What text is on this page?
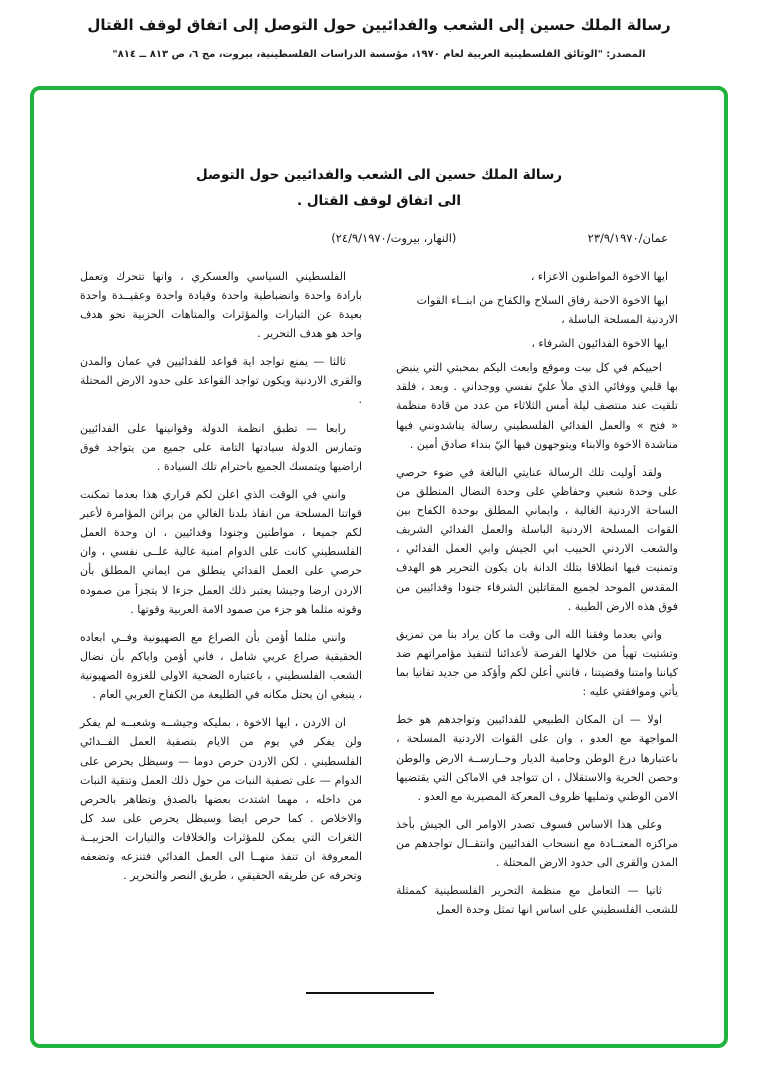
رسالة الملك حسين إلى الشعب والفدائيين حول التوصل إلى اتفاق لوقف القتال
المصدر: "الوثائق الفلسطينية العربية لعام ١٩٧٠، مؤسسة الدراسات الفلسطينية، بيروت، مج ٦، ص ٨١٣ ــ ٨١٤"
رسالة الملك حسين الى الشعب والفدائيين حول التوصل
الى اتفاق لوقف القتال .
عمان/٢٣/٩/١٩٧٠
(النهار، بيروت/٢٤/٩/١٩٧٠)

ايها الاخوة المواطنون الاعزاء ،

ايها الاخوة الاحبة رفاق السلاح والكفاح من ابنــاء القوات الاردنية المسلحة الباسلة ،

ايها الاخوة الفدائيون الشرفاء ،

احييكم في كل بيت وموقع وابعث اليكم بمحبتي التي ينبض بها قلبي ووفائي الذي ملأ عليّ نفسي ووجداني . وبعد ، فلقد تلقيت عند منتصف ليلة أمس الثلاثاء من عدد من قادة منظمة « فتح » والعمل الفدائي الفلسطيني رسالة يناشدونني فيها مناشدة الاخوة والابناء ويتوجهون فيها اليّ بنداء صادق أمين .

ولقد أوليت تلك الرسالة عنايتي البالغة في ضوء حرصي على وحدة شعبي وحفاظي على وحدة النضال المنطلق من الساحة الاردنية الغالية ، وايماني المطلق بوحدة الكفاح بين القوات المسلحة الاردنية الباسلة والعمل الفدائي الشريف والشعب الاردني الحبيب ابي الجيش وابي العمل الفدائي ، وتمنيت فيها انطلاقا بتلك الدانة بان يكون التحرير هو الهدف المقدس الموحد لجميع المقاتلين الشرفاء جنودا وفدائيين من فوق هذه الارض الطيبة .

واني بعدما وفقنا الله الى وقت ما كان يراد بنا من تمزيق وتشتيت تهيأ من خلالها الفرصة لأعدائنا لتنفيذ مؤامراتهم ضد كياننا وامتنا وقضيتنا ، فانني أعلن لكم وأؤكد من جديد تفانيا بما يأتي وموافقتي عليه :

اولا — ان المكان الطبيعي للفدائيين وتواجدهم هو خط المواجهة مع العدو ، وان على القوات الاردنية المسلحة ، باعتبارها درع الوطن وحامية الديار وحــارســة الارض والوطن وحصن الحرية والاستقلال ، ان تتواجد في الاماكن التي يقتضيها الامن الوطني وتمليها ظروف المعركة المصيرية مع العدو .

وعلى هذا الاساس فسوف تصدر الاوامر الى الجيش بأخذ مراكزه المعتــادة مع انسحاب الفدائيين وانتقــال تواجدهم من المدن والقرى الى حدود الارض المحتلة .

ثانيا — التعامل مع منظمة التحرير الفلسطينية كممثلة للشعب الفلسطيني على اساس انها تمثل وحدة العمل

الفلسطيني السياسي والعسكري ، وانها تتحرك وتعمل بارادة واحدة وانضباطية واحدة وقيادة واحدة وعقيــدة واحدة بعيدة عن التيارات والمؤثرات والمتاهات الحزبية نحو هدف واحد هو هدف التحرير .

ثالثا — يمنع تواجد اية قواعد للفدائيين في عمان والمدن والقرى الاردنية ويكون تواجد القواعد على حدود الارض المحتلة .

رابعا — تطبق انظمة الدولة وقوانينها على الفدائيين وتمارس الدولة سيادتها التامة على جميع من يتواجد فوق اراضيها ويتمسك الجميع باحترام تلك السيادة .

وانني في الوقت الذي اعلن لكم قراري هذا بعدما تمكنت قواتنا المسلحة من انقاذ بلدنا الغالي من براثن المؤامرة لأعبر لكم جميعا ، مواطنين وجنودا وفدائيين ، ان وحدة العمل الفلسطيني كانت على الدوام امنية غالية علــى نفسي ، وان حرصي على العمل الفدائي ينطلق من ايماني المطلق بأن الاردن ارضا وجيشا يعتبر ذلك العمل جزءا لا يتجزأ من صموده وقوته مثلما هو جزء من صمود الامة العربية وقوتها .

وانني مثلما أؤمن بأن الصراع مع الصهيونية وفــي ابعاده الحقيقية صراع عربي شامل ، فاني أؤمن واياكم بأن نضال الشعب الفلسطيني ، باعتباره الضحية الاولى للغزوة الصهيونية ، ينبغي ان يحتل مكانه في الطليعة من الكفاح العربي العام .

ان الاردن ، ايها الاخوة ، بمليكه وجيشــه وشعبــه لم يفكر ولن يفكر في يوم من الايام بتصفية العمل الفــدائي الفلسطيني . لكن الاردن حرص دوما — وسيظل يحرص على الدوام — على تصفية النبات من حول ذلك العمل وتنقية النبات من داخله ، مهما اشتدت بعضها بالصدق وتظاهر بالحرص والاخلاص . كما حرص ايضا وسيظل يحرص على سد كل الثغرات التي يمكن للمؤثرات والخلافات والتيارات الحزبيــة المعروفة ان تنفذ منهــا الى العمل الفدائي فتنزعه وتضعفه وتحرفه عن طريقه الحقيقي ، طريق النصر والتحرير .
